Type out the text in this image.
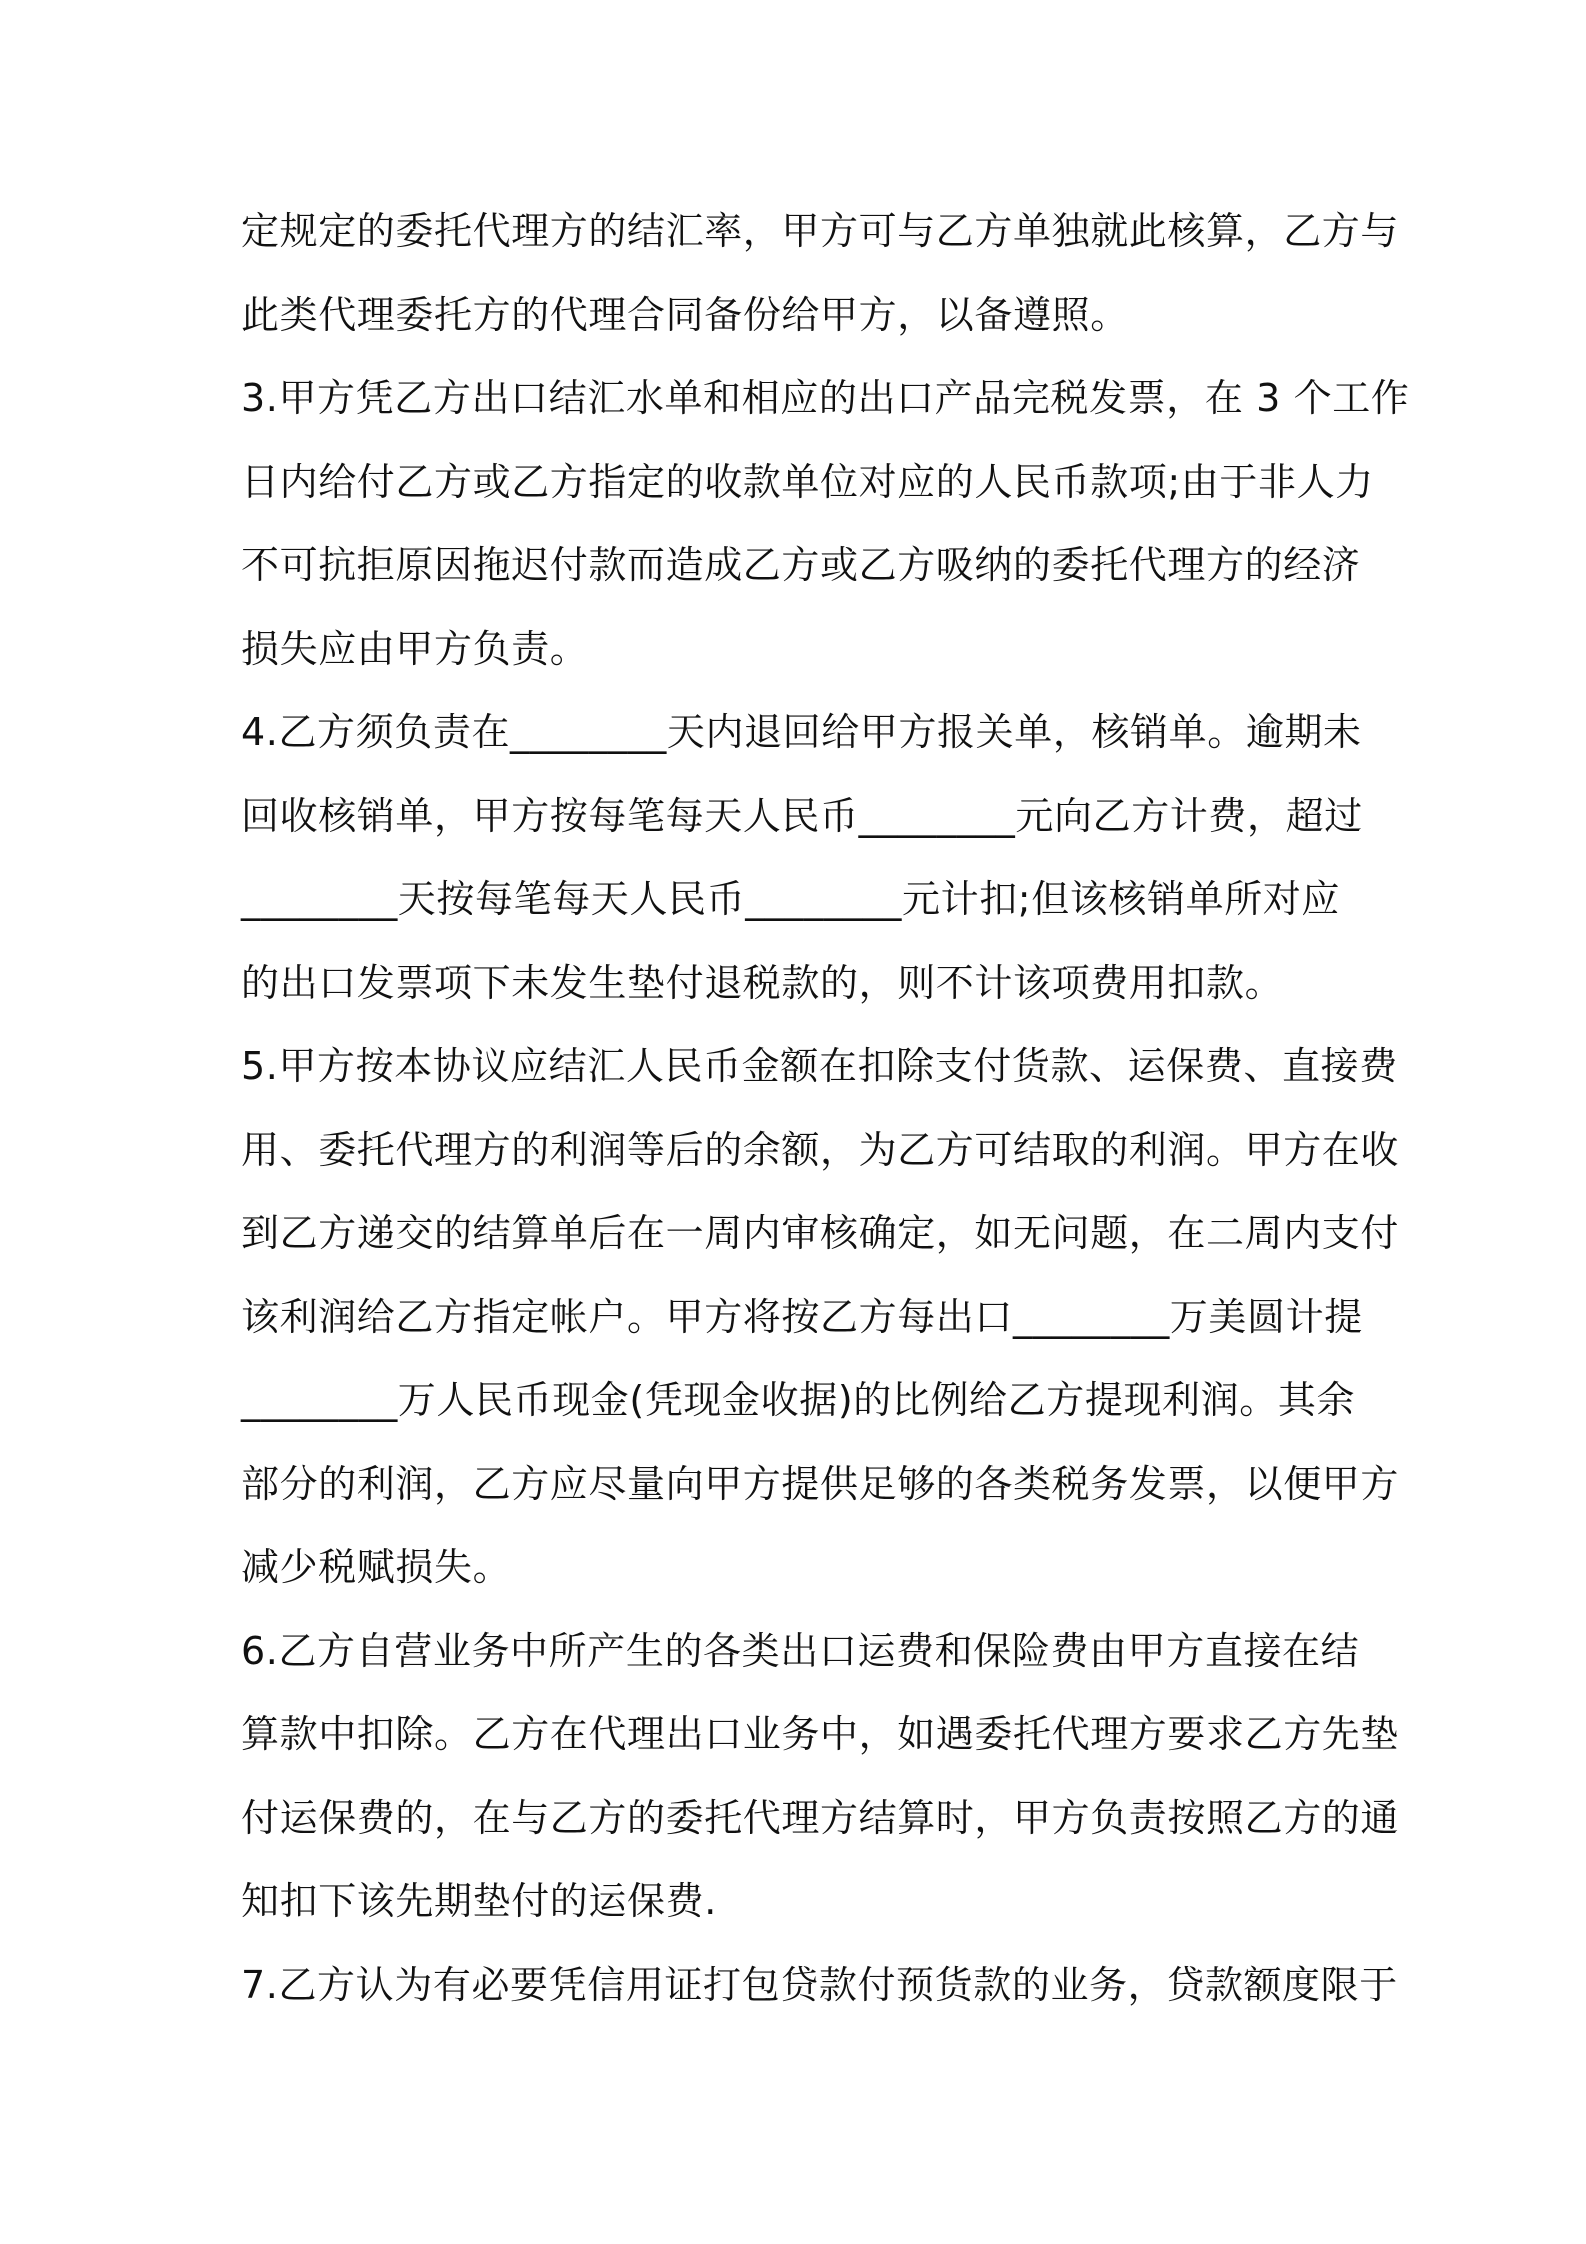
定规定的委托代理方的结汇率，甲方可与乙方单独就此核算，乙方与
此类代理委托方的代理合同备份给甲方，以备遵照。
3.甲方凭乙方出口结汇水单和相应的出口产品完税发票，在 3 个工作
日内给付乙方或乙方指定的收款单位对应的人民币款项;由于非人力
不可抗拒原因拖迟付款而造成乙方或乙方吸纳的委托代理方的经济
损失应由甲方负责。
4.乙方须负责在________天内退回给甲方报关单，核销单。逾期未
回收核销单，甲方按每笔每天人民币________元向乙方计费，超过
________天按每笔每天人民币________元计扣;但该核销单所对应
的出口发票项下未发生垫付退税款的，则不计该项费用扣款。
5.甲方按本协议应结汇人民币金额在扣除支付货款、运保费、直接费
用、委托代理方的利润等后的余额，为乙方可结取的利润。甲方在收
到乙方递交的结算单后在一周内审核确定，如无问题，在二周内支付
该利润给乙方指定帐户。甲方将按乙方每出口________万美圆计提
________万人民币现金(凭现金收据)的比例给乙方提现利润。其余
部分的利润，乙方应尽量向甲方提供足够的各类税务发票，以便甲方
减少税赋损失。
6.乙方自营业务中所产生的各类出口运费和保险费由甲方直接在结
算款中扣除。乙方在代理出口业务中，如遇委托代理方要求乙方先垫
付运保费的，在与乙方的委托代理方结算时，甲方负责按照乙方的通
知扣下该先期垫付的运保费.
7.乙方认为有必要凭信用证打包贷款付预货款的业务，贷款额度限于
